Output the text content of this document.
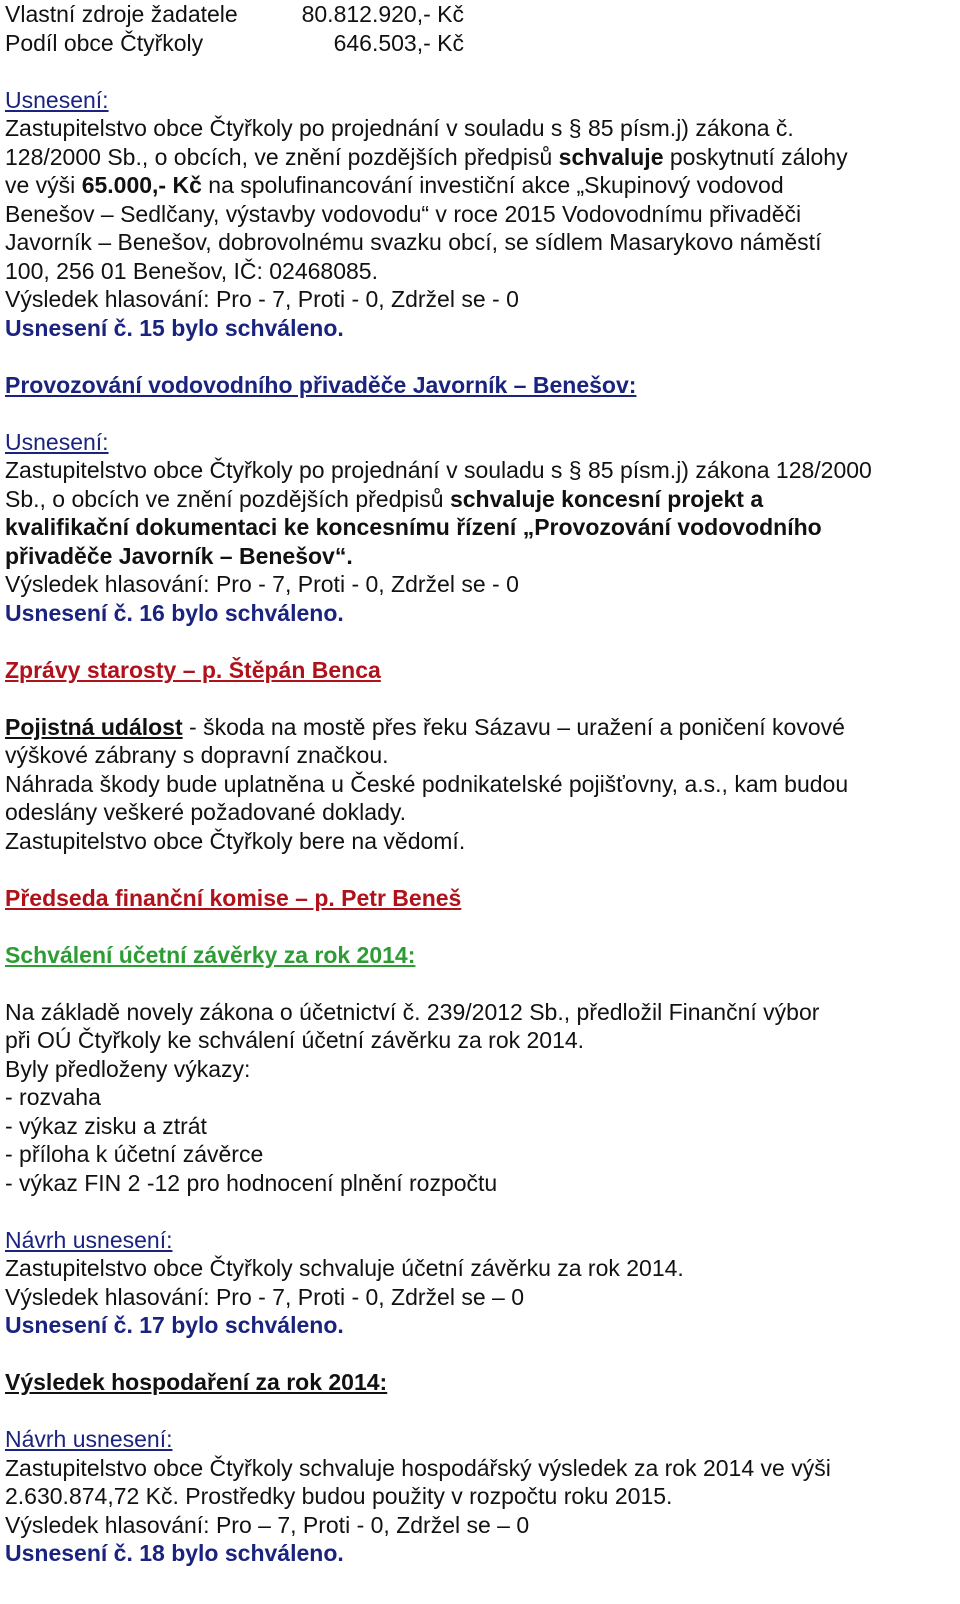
Vlastní zdroje žadatele	80.812.920,- Kč
Podíl obce Čtyřkoly	646.503,- Kč
Usnesení:
Zastupitelstvo obce Čtyřkoly po projednání v souladu s § 85 písm.j) zákona č.
128/2000 Sb., o obcích, ve znění pozdějších předpisů schvaluje poskytnutí zálohy
ve výši 65.000,- Kč na spolufinancování investiční akce „Skupinový vodovod
Benešov – Sedlčany, výstavby vodovodu“ v roce 2015 Vodovodnímu přivaděči
Javorník – Benešov, dobrovolnému svazku obcí, se sídlem Masarykovo náměstí
100, 256 01 Benešov, IČ: 02468085.
Výsledek hlasování: Pro - 7, Proti - 0, Zdržel se - 0
Usnesení č. 15 bylo schváleno.
Provozování vodovodního přivaděče Javorník – Benešov:
Usnesení:
Zastupitelstvo obce Čtyřkoly po projednání v souladu s § 85 písm.j) zákona 128/2000
Sb., o obcích ve znění pozdějších předpisů schvaluje koncesní projekt a
kvalifikační dokumentaci ke koncesnímu řízení „Provozování vodovodního
přivaděče Javorník – Benešov“.
Výsledek hlasování: Pro - 7, Proti - 0, Zdržel se - 0
Usnesení č. 16 bylo schváleno.
Zprávy starosty – p. Štěpán Benca
Pojistná událost - škoda na mostě přes řeku Sázavu – uražení a poničení kovové
výškové zábrany s dopravní značkou.
Náhrada škody bude uplatněna u České podnikatelské pojišťovny, a.s., kam budou
odeslány veškeré požadované doklady.
Zastupitelstvo obce Čtyřkoly bere na vědomí.
Předseda finanční komise – p. Petr Beneš
Schválení účetní závěrky za rok 2014:
Na základě novely zákona o účetnictví č. 239/2012 Sb., předložil Finanční výbor
při OÚ Čtyřkoly ke schválení účetní závěrku za rok 2014.
Byly předloženy výkazy:
- rozvaha
- výkaz zisku a ztrát
- příloha k účetní závěrce
- výkaz FIN 2 -12 pro hodnocení plnění rozpočtu
Návrh usnesení:
Zastupitelstvo obce Čtyřkoly schvaluje účetní závěrku za rok 2014.
Výsledek hlasování: Pro - 7, Proti - 0, Zdržel se – 0
Usnesení č. 17 bylo schváleno.
Výsledek hospodaření za rok 2014:
Návrh usnesení:
Zastupitelstvo obce Čtyřkoly schvaluje hospodářský výsledek za rok 2014 ve výši
2.630.874,72 Kč. Prostředky budou použity v rozpočtu roku 2015.
Výsledek hlasování: Pro – 7, Proti - 0, Zdržel se – 0
Usnesení č. 18 bylo schváleno.
